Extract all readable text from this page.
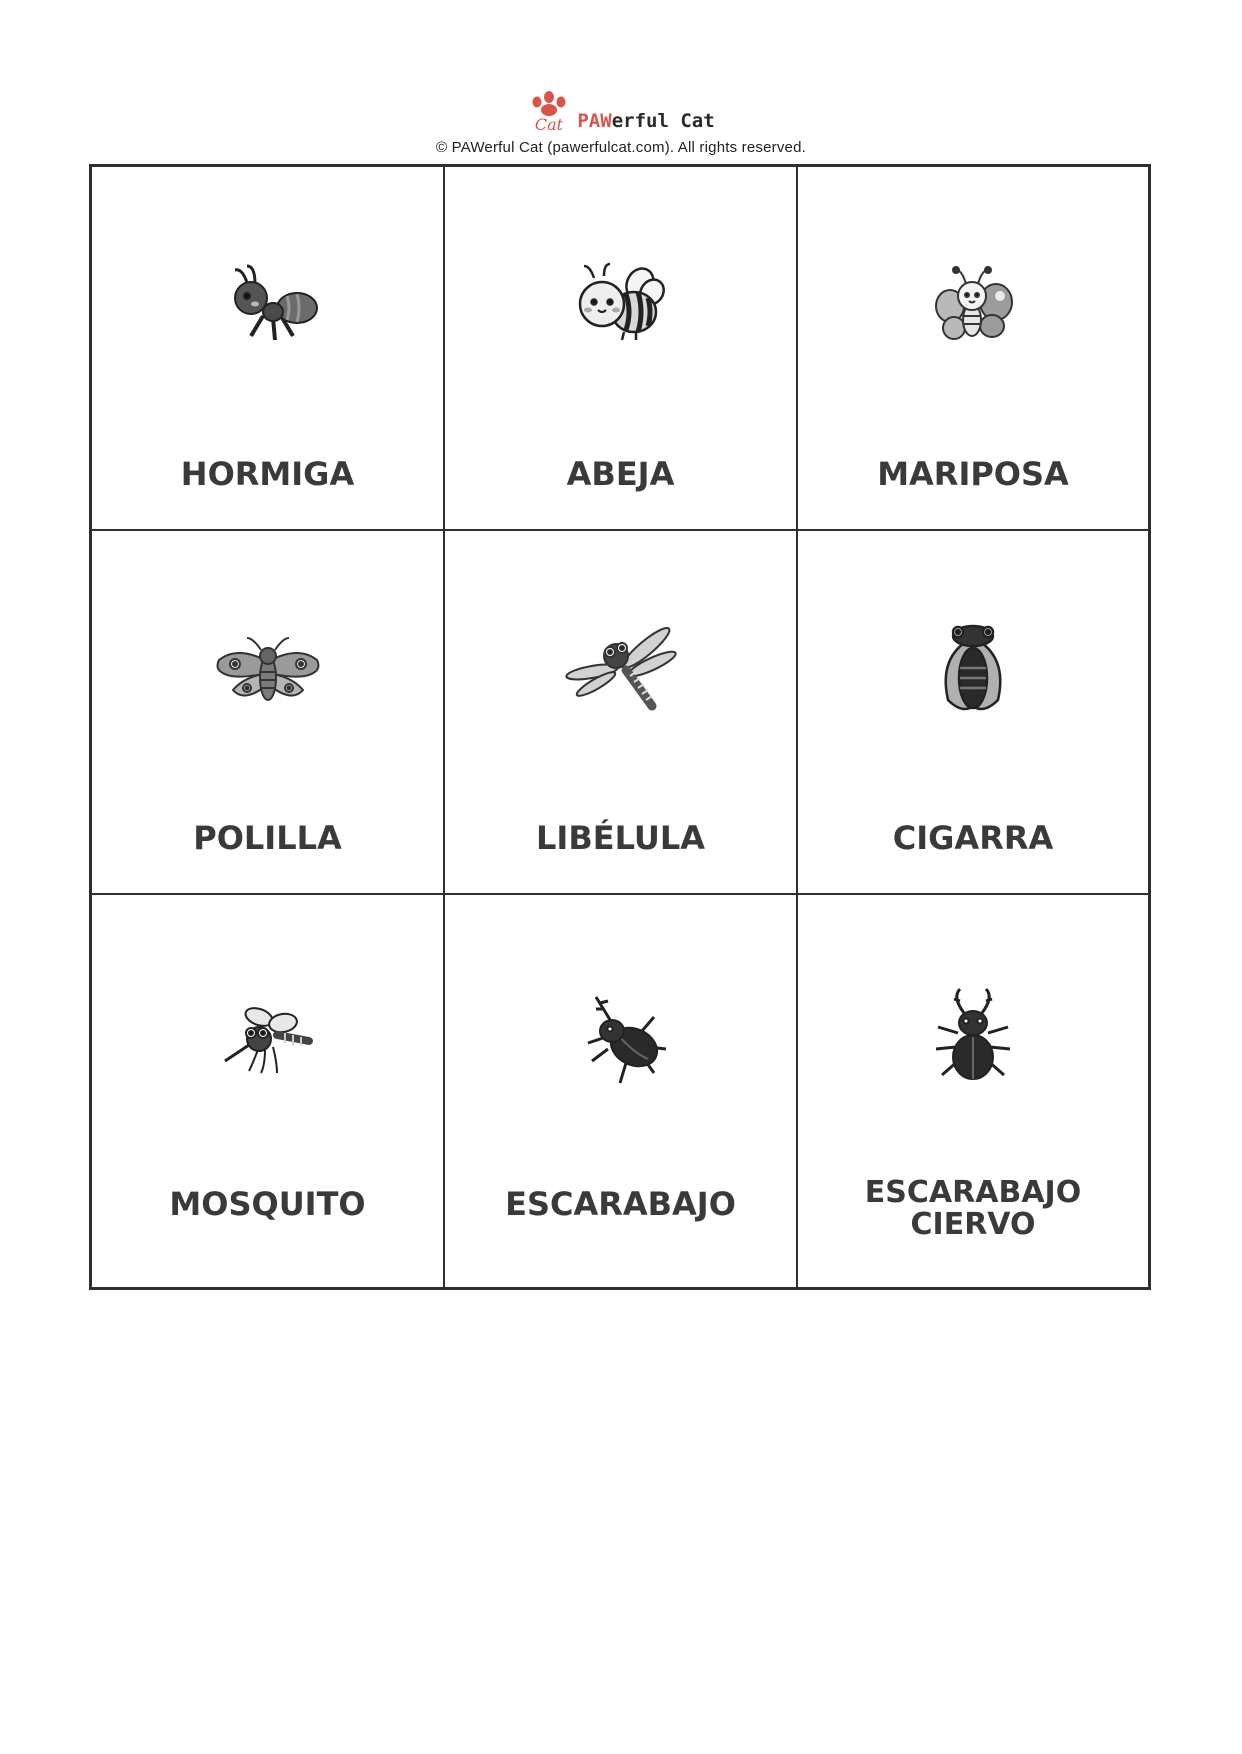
Cat PAWerful Cat
© PAWerful Cat (pawerfulcat.com). All rights reserved.
HORMIGA	ABEJA	MARIPOSA
POLILLA	LIBÉLULA	CIGARRA
MOSQUITO	ESCARABAJO	ESCARABAJO
CIERVO
